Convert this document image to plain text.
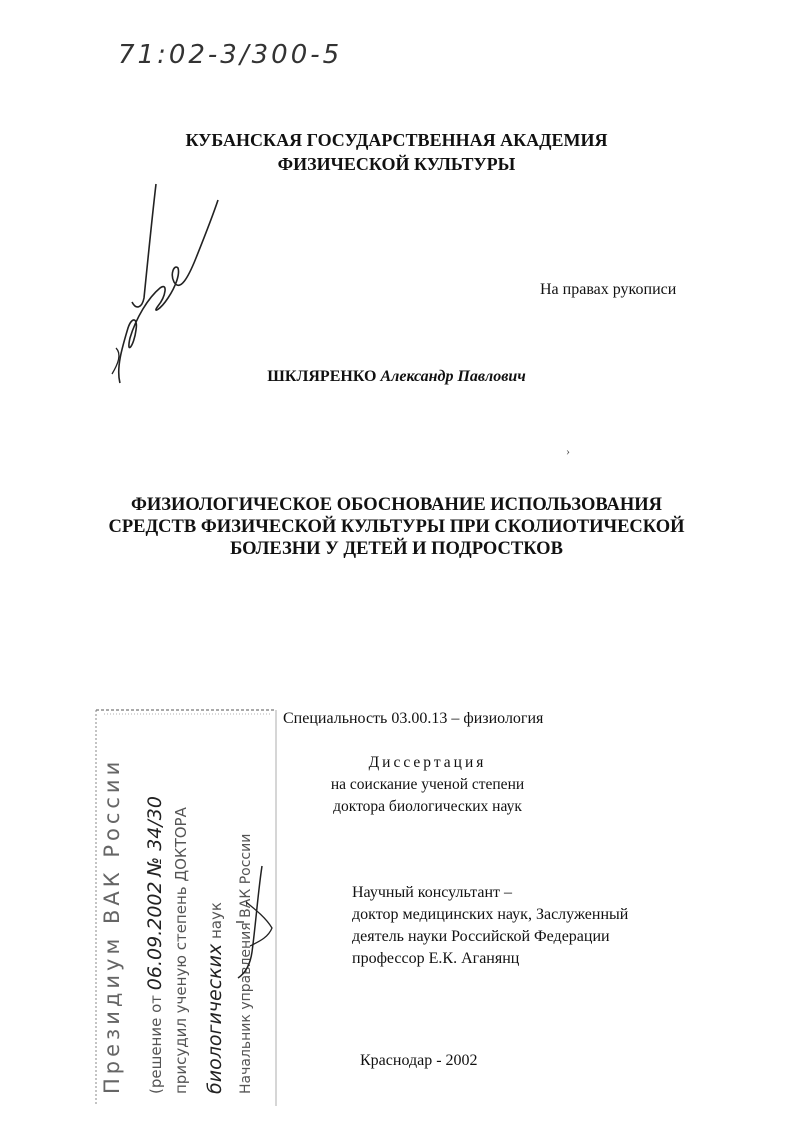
71:02-3/300-5
КУБАНСКАЯ ГОСУДАРСТВЕННАЯ АКАДЕМИЯ
ФИЗИЧЕСКОЙ КУЛЬТУРЫ
На правах рукописи
ШКЛЯРЕНКО Александр Павлович
›
ФИЗИОЛОГИЧЕСКОЕ ОБОСНОВАНИЕ ИСПОЛЬЗОВАНИЯ
СРЕДСТВ ФИЗИЧЕСКОЙ КУЛЬТУРЫ ПРИ СКОЛИОТИЧЕСКОЙ
БОЛЕЗНИ У ДЕТЕЙ И ПОДРОСТКОВ
Специальность 03.00.13 – физиология
Диссертация
на соискание ученой степени
доктора биологических наук
Научный консультант –
доктор медицинских наук, Заслуженный
деятель науки Российской Федерации
профессор Е.К. Аганянц
Краснодар - 2002
Президиум ВАК России (решение от 06.09.2002 № 34/30
присудил ученую степень ДОКТОРА
биологических наук Начальник управления ВАК России
